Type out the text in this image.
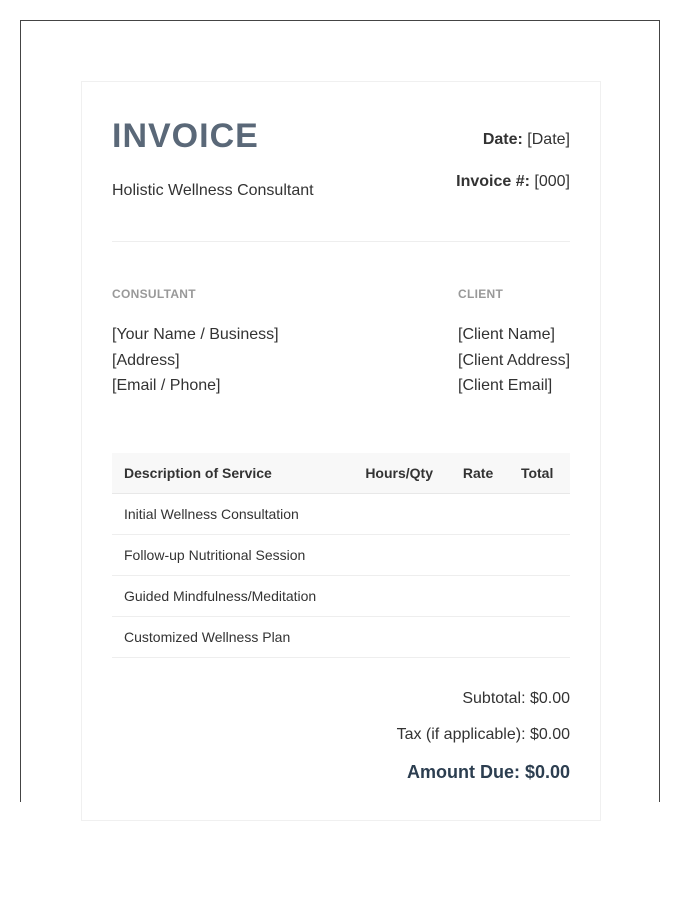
INVOICE
Holistic Wellness Consultant
Date: [Date]
Invoice #: [000]
CONSULTANT
[Your Name / Business]
[Address]
[Email / Phone]
CLIENT
[Client Name]
[Client Address]
[Client Email]
Description of Service	Hours/Qty	Rate	Total
Initial Wellness Consultation			
Follow-up Nutritional Session			
Guided Mindfulness/Meditation			
Customized Wellness Plan			
Subtotal: $0.00
Tax (if applicable): $0.00
Amount Due: $0.00
